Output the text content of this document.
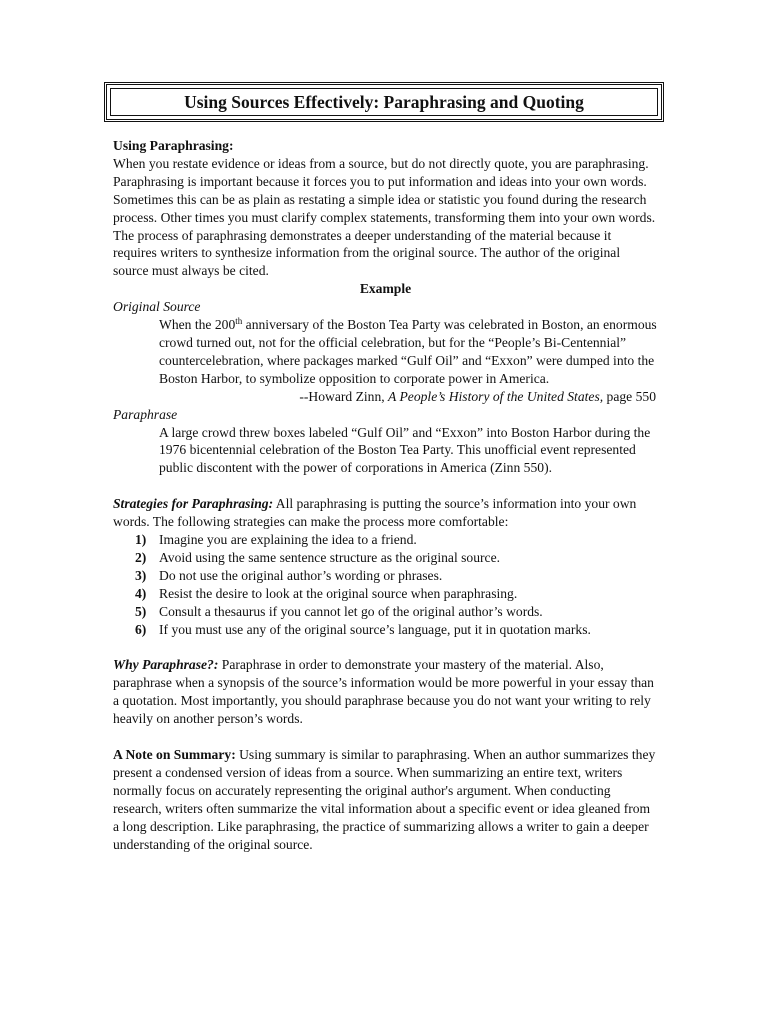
Using Sources Effectively: Paraphrasing and Quoting

Using Paraphrasing:

When you restate evidence or ideas from a source, but do not directly quote, you are paraphrasing. Paraphrasing is important because it forces you to put information and ideas into your own words. Sometimes this can be as plain as restating a simple idea or statistic you found during the research process. Other times you must clarify complex statements, transforming them into your own words. The process of paraphrasing demonstrates a deeper understanding of the material because it requires writers to synthesize information from the original source. The author of the original source must always be cited.

Example

Original Source

When the 200th anniversary of the Boston Tea Party was celebrated in Boston, an enormous crowd turned out, not for the official celebration, but for the “People’s Bi-Centennial” countercelebration, where packages marked “Gulf Oil” and “Exxon” were dumped into the Boston Harbor, to symbolize opposition to corporate power in America.

--Howard Zinn, A People’s History of the United States, page 550

Paraphrase

A large crowd threw boxes labeled “Gulf Oil” and “Exxon” into Boston Harbor during the 1976 bicentennial celebration of the Boston Tea Party. This unofficial event represented public discontent with the power of corporations in America (Zinn 550).

Strategies for Paraphrasing: All paraphrasing is putting the source’s information into your own words. The following strategies can make the process more comfortable:

1) Imagine you are explaining the idea to a friend.
2) Avoid using the same sentence structure as the original source.
3) Do not use the original author’s wording or phrases.
4) Resist the desire to look at the original source when paraphrasing.
5) Consult a thesaurus if you cannot let go of the original author’s words.
6) If you must use any of the original source’s language, put it in quotation marks.

Why Paraphrase?: Paraphrase in order to demonstrate your mastery of the material. Also, paraphrase when a synopsis of the source’s information would be more powerful in your essay than a quotation. Most importantly, you should paraphrase because you do not want your writing to rely heavily on another person’s words.

A Note on Summary: Using summary is similar to paraphrasing. When an author summarizes they present a condensed version of ideas from a source. When summarizing an entire text, writers normally focus on accurately representing the original author's argument. When conducting research, writers often summarize the vital information about a specific event or idea gleaned from a long description. Like paraphrasing, the practice of summarizing allows a writer to gain a deeper understanding of the original source.
